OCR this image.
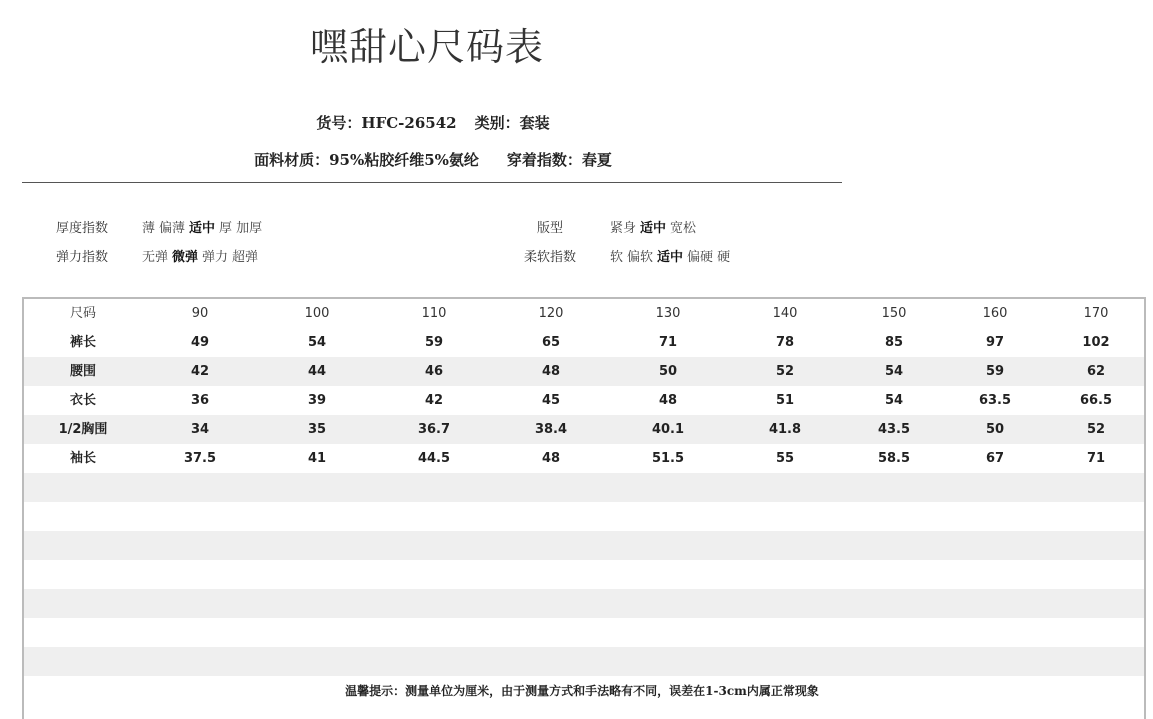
嘿甜心尺码表
货号：HFC-26542 类别：套装
面料材质：95%粘胶纤维5%氨纶 穿着指数：春夏
厚度指数	薄 偏薄 适中 厚 加厚	版型	紧身 适中 宽松
弹力指数	无弹 微弹 弹力 超弹	柔软指数	软 偏软 适中 偏硬 硬
尺码	90	100	110	120	130	140	150	160	170
裤长	49	54	59	65	71	78	85	97	102
腰围	42	44	46	48	50	52	54	59	62
衣长	36	39	42	45	48	51	54	63.5	66.5
1/2胸围	34	35	36.7	38.4	40.1	41.8	43.5	50	52
袖长	37.5	41	44.5	48	51.5	55	58.5	67	71
温馨提示：测量单位为厘米，由于测量方式和手法略有不同，误差在1-3cm内属正常现象
